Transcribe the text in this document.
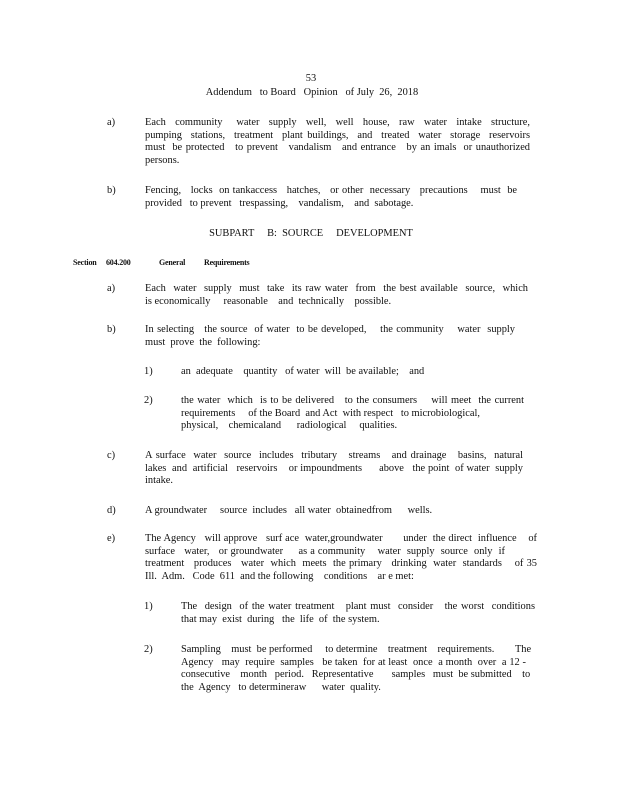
53
Addendum   to Board   Opinion   of July  26,  2018
a)	Each  community   water  supply  well,  well  house,  raw  water  intake  structure,
pumping  stations,  treatment  plant buildings,  and  treated  water  storage  reservoirs
must  be protected   to prevent   vandalism   and entrance   by an imals  or unauthorized
persons.
b)	Fencing,   locks  on tankaccess   hatches,   or other  necessary   precautions    must  be
provided   to prevent   trespassing,    vandalism,    and  sabotage.
SUBPART     B:  SOURCE     DEVELOPMENT
Section 604.200	General Requirements
a)	Each  water  supply  must  take  its raw water  from  the best available  source,  which
is economically     reasonable    and  technically    possible.
b)	In selecting   the source  of water  to be developed,    the community    water  supply
must  prove  the  following:
1)	an  adequate    quantity   of water  will  be available;    and
2)	the water  which  is to be delivered   to the consumers    will meet  the current
requirements     of the Board  and Act  with respect   to microbiological,
physical,    chemicaland      radiological     qualities.
c)	A surface  water  source  includes  tributary   streams   and drainage   basins,  natural
lakes  and  artificial   reservoirs    or impoundments      above   the point  of water  supply
intake.
d)	A groundwater     source  includes   all water  obtainedfrom      wells.
e)	The Agency   will approve   surf ace  water,groundwater       under  the direct  influence    of
surface   water,   or groundwater     as a community    water  supply  source  only  if
treatment   produces   water  which  meets  the primary   drinking  water  standards    of 35
Ill.  Adm.   Code  611  and the following    conditions    ar e met:
1)	The  design  of the water treatment   plant must  consider   the worst  conditions
that may  exist  during   the  life  of  the system.
2)	Sampling    must  be performed     to determine    treatment    requirements.        The
Agency   may  require  samples   be taken  for at least  once  a month  over  a 12 -
consecutive    month   period.   Representative       samples   must  be submitted    to
the  Agency   to determineraw      water  quality.
